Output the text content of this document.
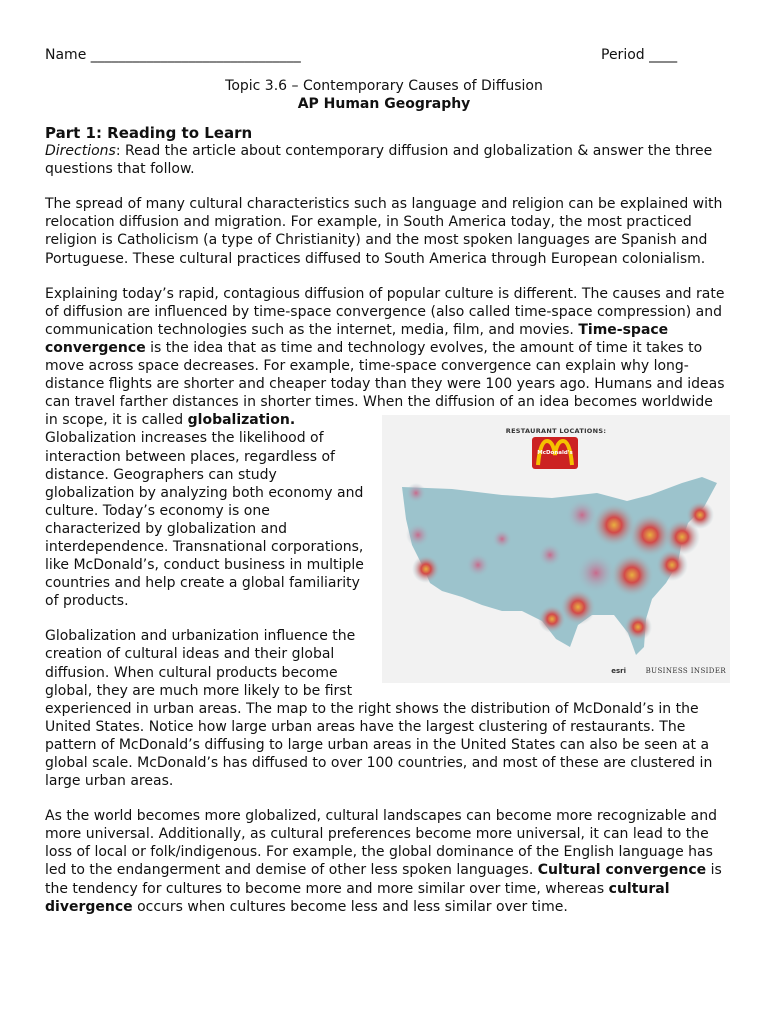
Name ______________________________	Period ____
Topic 3.6 – Contemporary Causes of Diffusion
AP Human Geography
Part 1: Reading to Learn

Directions: Read the article about contemporary diffusion and globalization & answer the three questions that follow.

The spread of many cultural characteristics such as language and religion can be explained with relocation diffusion and migration. For example, in South America today, the most practiced religion is Catholicism (a type of Christianity) and the most spoken languages are Spanish and Portuguese. These cultural practices diffused to South America through European colonialism.

Explaining today’s rapid, contagious diffusion of popular culture is different. The causes and rate of diffusion are influenced by time-space convergence (also called time-space compression) and communication technologies such as the internet, media, film, and movies. Time-space convergence is the idea that as time and technology evolves, the amount of time it takes to move across space decreases. For example, time-space convergence can explain why long-distance flights are shorter and cheaper today than they were 100 years ago. Humans and ideas can travel farther distances in shorter times. When the diffusion of an idea becomes worldwide in scope, it is called
RESTAURANT LOCATIONS:
McDonald's
esri	BUSINESS INSIDER
globalization. Globalization increases the likelihood of interaction between places, regardless of distance. Geographers can study globalization by analyzing both economy and culture. Today’s economy is one characterized by globalization and interdependence. Transnational corporations, like McDonald’s, conduct business in multiple countries and help create a global familiarity of products.

Globalization and urbanization influence the creation of cultural ideas and their global diffusion. When cultural products become global, they are much more likely to be first experienced in urban areas. The map to the right shows the distribution of McDonald’s in the United States. Notice how large urban areas have the largest clustering of restaurants. The pattern of McDonald’s diffusing to large urban areas in the United States can also be seen at a global scale. McDonald’s has diffused to over 100 countries, and most of these are clustered in large urban areas.

As the world becomes more globalized, cultural landscapes can become more recognizable and more universal. Additionally, as cultural preferences become more universal, it can lead to the loss of local or folk/indigenous. For example, the global dominance of the English language has led to the endangerment and demise of other less spoken languages. Cultural convergence is the tendency for cultures to become more and more similar over time, whereas cultural divergence occurs when cultures become less and less similar over time.
